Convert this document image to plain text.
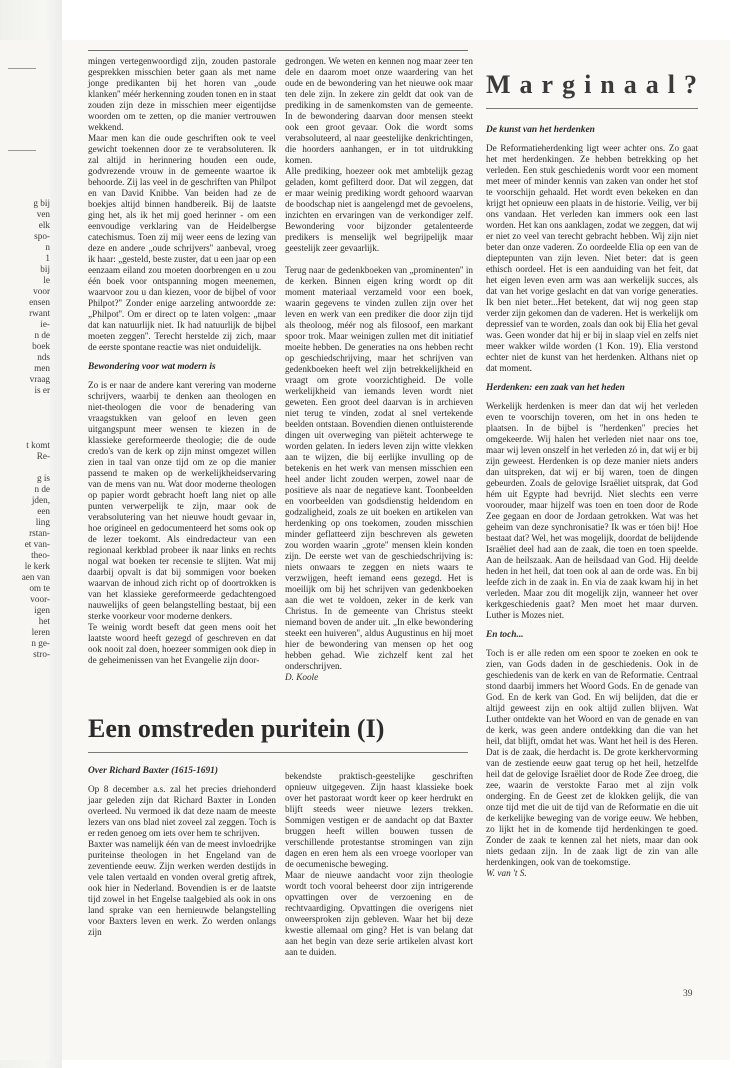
g bij
ven
elk
spo-
n
1
bij
le
voor
ensen
rwant
ie-
n de
boek
nds
men
vraag
is er
t komt
Re-

g is
n de
jden,
een
ling
rstan-
et van-
theo-
le kerk
aen van
om te
voor-
igen
het
leren
n ge-
stro-

mingen vertegenwoordigd zijn, zouden pastorale gesprekken misschien beter gaan als met name jonge predikanten bij het horen van „oude klanken'' méér herkenning zouden tonen en in staat zouden zijn deze in misschien meer eigentijdse woorden om te zetten, op die manier vertrouwen wekkend.

Maar men kan die oude geschriften ook te veel gewicht toekennen door ze te verabsoluteren. Ik zal altijd in herinnering houden een oude, godvrezende vrouw in de gemeente waartoe ik behoorde. Zij las veel in de geschriften van Philpot en van David Knibbe. Van beiden had ze de boekjes altijd binnen handbereik. Bij de laatste ging het, als ik het mij goed herinner - om een eenvoudige verklaring van de Heidelbergse catechismus. Toen zij mij weer eens de lezing van deze en andere „oude schrijvers'' aanbeval, vroeg ik haar: „gesteld, beste zuster, dat u een jaar op een eenzaam eiland zou moeten doorbrengen en u zou één boek voor ontspanning mogen meenemen, waarvoor zou u dan kiezen, voor de bijbel of voor Philpot?'' Zonder enige aarzeling antwoordde ze: „Philpot''. Om er direct op te laten volgen: „maar dat kan natuurlijk niet. Ik had natuurlijk de bijbel moeten zeggen''. Terecht herstelde zij zich, maar de eerste spontane reactie was niet onduidelijk.

Bewondering voor wat modern is

Zo is er naar de andere kant verering van moderne schrijvers, waarbij te denken aan theologen en niet-theologen die voor de benadering van vraagstukken van geloof en leven geen uitgangspunt meer wensen te kiezen in de klassieke gereformeerde theologie; die de oude credo's van de kerk op zijn minst omgezet willen zien in taal van onze tijd om ze op die manier passend te maken op de werkelijkheidservaring van de mens van nu. Wat door moderne theologen op papier wordt gebracht hoeft lang niet op alle punten verwerpelijk te zijn, maar ook de verabsolutering van het nieuwe houdt gevaar in, hoe origineel en gedocumenteerd het soms ook op de lezer toekomt. Als eindredacteur van een regionaal kerkblad probeer ik naar links en rechts nogal wat boeken ter recensie te slijten. Wat mij daarbij opvalt is dat bij sommigen voor boeken waarvan de inhoud zich richt op of doortrokken is van het klassieke gereformeerde gedachtengoed nauwelijks of geen belangstelling bestaat, bij een sterke voorkeur voor moderne denkers.

Te weinig wordt beseft dat geen mens ooit het laatste woord heeft gezegd of geschreven en dat ook nooit zal doen, hoezeer sommigen ook diep in de geheimenissen van het Evangelie zijn door-

gedrongen. We weten en kennen nog maar zeer ten dele en daarom moet onze waardering van het oude en de bewondering van het nieuwe ook maar ten dele zijn. In zekere zin geldt dat ook van de prediking in de samenkomsten van de gemeente. In de bewondering daarvan door mensen steekt ook een groot gevaar. Ook die wordt soms verabsoluteerd, al naar geestelijke denkrichtingen, die hoorders aanhangen, er in tot uitdrukking komen.

Alle prediking, hoezeer ook met ambtelijk gezag geladen, komt gefilterd door. Dat wil zeggen, dat er maar weinig prediking wordt gehoord waarvan de boodschap niet is aangelengd met de gevoelens, inzichten en ervaringen van de verkondiger zelf. Bewondering voor bijzonder getalenteerde predikers is menselijk wel begrijpelijk maar geestelijk zeer gevaarlijk.

Terug naar de gedenkboeken van „prominenten'' in de kerken. Binnen eigen kring wordt op dit moment materiaal verzameld voor een boek, waarin gegevens te vinden zullen zijn over het leven en werk van een prediker die door zijn tijd als theoloog, méér nog als filosoof, een markant spoor trok. Maar weinigen zullen met dit initiatief moeite hebben. De generaties na ons hebben recht op geschiedschrijving, maar het schrijven van gedenkboeken heeft wel zijn betrekkelijkheid en vraagt om grote voorzichtigheid. De volle werkelijkheid van iemands leven wordt niet geweten. Een groot deel daarvan is in archieven niet terug te vinden, zodat al snel vertekende beelden ontstaan. Bovendien dienen ontluisterende dingen uit overweging van piëteit achterwege te worden gelaten. In ieders leven zijn witte vlekken aan te wijzen, die bij eerlijke invulling op de betekenis en het werk van mensen misschien een heel ander licht zouden werpen, zowel naar de positieve als naar de negatieve kant. Toonbeelden en voorbeelden van godsdienstig heldendom en godzaligheid, zoals ze uit boeken en artikelen van herdenking op ons toekomen, zouden misschien minder geflatteerd zijn beschreven als geweten zou worden waarin „grote'' mensen klein konden zijn. De eerste wet van de geschiedschrijving is: niets onwaars te zeggen en niets waars te verzwijgen, heeft iemand eens gezegd. Het is moeilijk om bij het schrijven van gedenkboeken aan die wet te voldoen, zeker in de kerk van Christus. In de gemeente van Christus steekt niemand boven de ander uit. „In elke bewondering steekt een huiveren'', aldus Augustinus en hij moet hier de bewondering van mensen op het oog hebben gehad. Wie zichzelf kent zal het onderschrijven.

D. Koole

Marginaal?
De kunst van het herdenken

De Reformatieherdenking ligt weer achter ons. Zo gaat het met herdenkingen. Ze hebben betrekking op het verleden. Een stuk geschiedenis wordt voor een moment met meer of minder kennis van zaken van onder het stof te voorschijn gehaald. Het wordt even bekeken en dan krijgt het opnieuw een plaats in de historie. Veilig, ver bij ons vandaan. Het verleden kan immers ook een last worden. Het kan ons aanklagen, zodat we zeggen, dat wij er niet zo veel van terecht gebracht hebben. Wij zijn niet beter dan onze vaderen. Zo oordeelde Elia op een van de dieptepunten van zijn leven. Niet beter: dat is geen ethisch oordeel. Het is een aanduiding van het feit, dat het eigen leven even arm was aan werkelijk succes, als dat van het vorige geslacht en dat van vorige generaties. Ik ben niet beter...Het betekent, dat wij nog geen stap verder zijn gekomen dan de vaderen. Het is werkelijk om depressief van te worden, zoals dan ook bij Elia het geval was. Geen wonder dat hij er bij in slaap viel en zelfs niet meer wakker wilde worden (1 Kon. 19). Elia verstond echter niet de kunst van het herdenken. Althans niet op dat moment.

Herdenken: een zaak van het heden

Werkelijk herdenken is meer dan dat wij het verleden even te voorschijn toveren, om het in ons heden te plaatsen. In de bijbel is "herdenken" precies het omgekeerde. Wij halen het verleden niet naar ons toe, maar wij leven onszelf in het verleden zó in, dat wij er bij zijn geweest. Herdenken is op deze manier niets anders dan uitspreken, dat wij er bij waren, toen de dingen gebeurden. Zoals de gelovige Israëliet uitsprak, dat God hém uit Egypte had bevrijd. Niet slechts een verre voorouder, maar hijzelf was toen en toen door de Rode Zee gegaan en door de Jordaan getrokken. Wat was het geheim van deze synchronisatie? Ik was er tóen bij! Hoe bestaat dat? Wel, het was mogelijk, doordat de belijdende Israëliet deel had aan de zaak, die toen en toen speelde. Aan de heilszaak. Aan de heilsdaad van God. Hij deelde heden in het heil, dat toen ook al aan de orde was. En bij leefde zich in de zaak in. En via de zaak kwam hij in het verleden. Maar zou dit mogelijk zijn, wanneer het over kerkgeschiedenis gaat? Men moet het maar durven. Luther is Mozes niet.

En toch...

Toch is er alle reden om een spoor te zoeken en ook te zien, van Gods daden in de geschiedenis. Ook in de geschiedenis van de kerk en van de Reformatie. Centraal stond daarbij immers het Woord Gods. En de genade van God. En de kerk van God. En wij belijden, dat die er altijd geweest zijn en ook altijd zullen blijven. Wat Luther ontdekte van het Woord en van de genade en van de kerk, was geen andere ontdekking dan die van het heil, dat blijft, omdat het was. Want het heil is des Heren. Dat is de zaak, die herdacht is. De grote kerkhervorming van de zestiende eeuw gaat terug op het heil, hetzelfde heil dat de gelovige Israëliet door de Rode Zee droeg, die zee, waarin de verstokte Farao met al zijn volk onderging. En de Geest zet de klokken gelijk, die van onze tijd met die uit de tijd van de Reformatie en die uit de kerkelijke beweging van de vorige eeuw. We hebben, zo lijkt het in de komende tijd herdenkingen te goed. Zonder de zaak te kennen zal het niets, maar dan ook niets gedaan zijn. In de zaak ligt de zin van alle herdenkingen, ook van de toekomstige.

W. van 't S.

Een omstreden puritein (I)
Over Richard Baxter (1615-1691)

Op 8 december a.s. zal het precies driehonderd jaar geleden zijn dat Richard Baxter in Londen overleed. Nu vermoed ik dat deze naam de meeste lezers van ons blad niet zoveel zal zeggen. Toch is er reden genoeg om iets over hem te schrijven.

Baxter was namelijk één van de meest invloedrijke puriteinse theologen in het Engeland van de zeventiende eeuw. Zijn werken werden destijds in vele talen vertaald en vonden overal gretig aftrek, ook hier in Nederland. Bovendien is er de laatste tijd zowel in het Engelse taalgebied als ook in ons land sprake van een hernieuwde belangstelling voor Baxters leven en werk. Zo werden onlangs zijn

bekendste praktisch-geestelijke geschriften opnieuw uitgegeven. Zijn haast klassieke boek over het pastoraat wordt keer op keer herdrukt en blijft steeds weer nieuwe lezers trekken. Sommigen vestigen er de aandacht op dat Baxter bruggen heeft willen bouwen tussen de verschillende protestantse stromingen van zijn dagen en eren hem als een vroege voorloper van de oecumenische beweging.

Maar de nieuwe aandacht voor zijn theologie wordt toch vooral beheerst door zijn intrigerende opvattingen over de verzoening en de rechtvaardiging. Opvattingen die overigens niet onweersproken zijn gebleven. Waar het bij deze kwestie allemaal om ging? Het is van belang dat aan het begin van deze serie artikelen alvast kort aan te duiden.

39
